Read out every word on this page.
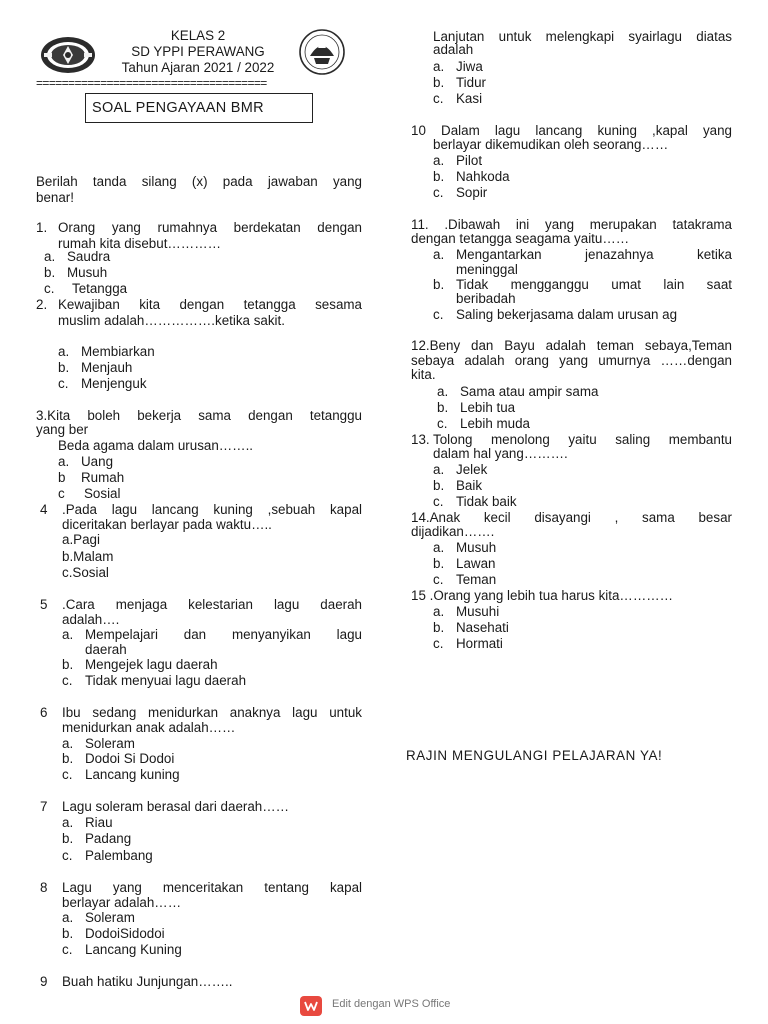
KELAS 2
SD YPPI PERAWANG
Tahun Ajaran 2021 / 2022
====================================
SOAL PENGAYAAN BMR
Berilah tanda silang (x) pada jawaban yang
benar!
1. Orang yang rumahnya berdekatan dengan
rumah kita disebut…………
a. Saudra
b. Musuh
c. Tetangga
2. Kewajiban kita dengan tetangga sesama
muslim adalah…………….ketika sakit.
a. Membiarkan
b. Menjauh
c. Menjenguk
3.Kita boleh bekerja sama dengan tetanggu
yang ber
Beda agama dalam urusan……..
a. Uang
b Rumah
c Sosial
4 .Pada lagu lancang kuning ,sebuah kapal
diceritakan berlayar pada waktu…..
a.Pagi
b.Malam
c.Sosial
5 .Cara menjaga kelestarian lagu daerah
adalah….
a. Mempelajari dan menyanyikan lagu
daerah
b. Mengejek lagu daerah
c. Tidak menyuai lagu daerah
6 Ibu sedang menidurkan anaknya lagu untuk
menidurkan anak adalah……
a. Soleram
b. Dodoi Si Dodoi
c. Lancang kuning
7 Lagu soleram berasal dari daerah……
a. Riau
b. Padang
c. Palembang
8 Lagu yang menceritakan tentang kapal
berlayar adalah……
a. Soleram
b. DodoiSidodoi
c. Lancang Kuning
9 Buah hatiku Junjungan……..
Lanjutan untuk melengkapi syairlagu diatas
adalah
a. Jiwa
b. Tidur
c. Kasi
10 Dalam lagu lancang kuning ,kapal yang
berlayar dikemudikan oleh seorang……
a. Pilot
b. Nahkoda
c. Sopir
11. .Dibawah ini yang merupakan tatakrama
dengan tetangga seagama yaitu……
a. Mengantarkan jenazahnya ketika
meninggal
b. Tidak mengganggu umat lain saat
beribadah
c. Saling bekerjasama dalam urusan ag
12.Beny dan Bayu adalah teman sebaya,Teman
sebaya adalah orang yang umurnya ……dengan
kita.
a. Sama atau ampir sama
b. Lebih tua
c. Lebih muda
13. Tolong menolong yaitu saling membantu
dalam hal yang……….
a. Jelek
b. Baik
c. Tidak baik
14.Anak kecil disayangi , sama besar
dijadikan…….
a. Musuh
b. Lawan
c. Teman
15 .Orang yang lebih tua harus kita…………
a. Musuhi
b. Nasehati
c. Hormati
RAJIN MENGULANGI PELAJARAN YA!
Edit dengan WPS Office
